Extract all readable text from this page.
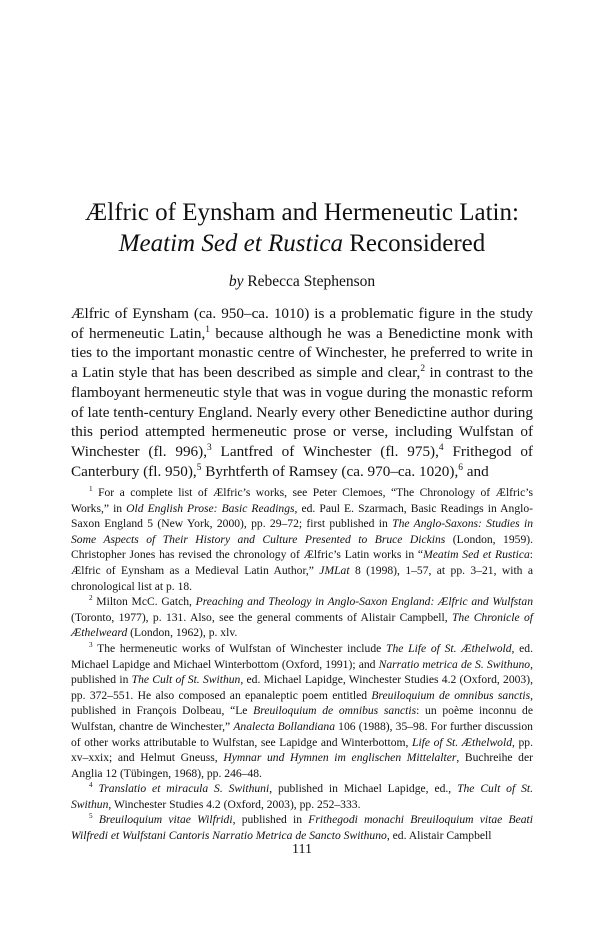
Ælfric of Eynsham and Hermeneutic Latin:
Meatim Sed et Rustica Reconsidered
by Rebecca Stephenson

Ælfric of Eynsham (ca. 950–ca. 1010) is a problematic figure in the study of hermeneutic Latin,$^1$ because although he was a Benedictine monk with ties to the important monastic centre of Winchester, he preferred to write in a Latin style that has been described as simple and clear,$^2$ in contrast to the flamboyant hermeneutic style that was in vogue during the monastic reform of late tenth-century England. Nearly every other Benedictine author during this period attempted hermeneutic prose or verse, including Wulfstan of Winchester (fl. 996),$^3$ Lantfred of Winchester (fl. 975),$^4$ Frithegod of Canterbury (fl. 950),$^5$ Byrhtferth of Ramsey (ca. 970–ca. 1020),$^6$ and

$^1$ For a complete list of Ælfric’s works, see Peter Clemoes, “The Chronology of Ælfric’s Works,” in Old English Prose: Basic Readings, ed. Paul E. Szarmach, Basic Readings in Anglo-Saxon England 5 (New York, 2000), pp. 29–72; first published in The Anglo-Saxons: Studies in Some Aspects of Their History and Culture Presented to Bruce Dickins (London, 1959). Christopher Jones has revised the chronology of Ælfric’s Latin works in “Meatim Sed et Rustica: Ælfric of Eynsham as a Medieval Latin Author,” JMLat 8 (1998), 1–57, at pp. 3–21, with a chronological list at p. 18.

$^2$ Milton McC. Gatch, Preaching and Theology in Anglo-Saxon England: Ælfric and Wulfstan (Toronto, 1977), p. 131. Also, see the general comments of Alistair Campbell, The Chronicle of Æthelweard (London, 1962), p. xlv.

$^3$ The hermeneutic works of Wulfstan of Winchester include The Life of St. Æthelwold, ed. Michael Lapidge and Michael Winterbottom (Oxford, 1991); and Narratio metrica de S. Swithuno, published in The Cult of St. Swithun, ed. Michael Lapidge, Winchester Studies 4.2 (Oxford, 2003), pp. 372–551. He also composed an epanaleptic poem entitled Breuiloquium de omnibus sanctis, published in François Dolbeau, “Le Breuiloquium de omnibus sanctis: un poème inconnu de Wulfstan, chantre de Winchester,” Analecta Bollandiana 106 (1988), 35–98. For further discussion of other works attributable to Wulfstan, see Lapidge and Winterbottom, Life of St. Æthelwold, pp. xv–xxix; and Helmut Gneuss, Hymnar und Hymnen im englischen Mittelalter, Buchreihe der Anglia 12 (Tübingen, 1968), pp. 246–48.

$^4$ Translatio et miracula S. Swithuni, published in Michael Lapidge, ed., The Cult of St. Swithun, Winchester Studies 4.2 (Oxford, 2003), pp. 252–333.

$^5$ Breuiloquium vitae Wilfridi, published in Frithegodi monachi Breuiloquium vitae Beati Wilfredi et Wulfstani Cantoris Narratio Metrica de Sancto Swithuno, ed. Alistair Campbell

111
